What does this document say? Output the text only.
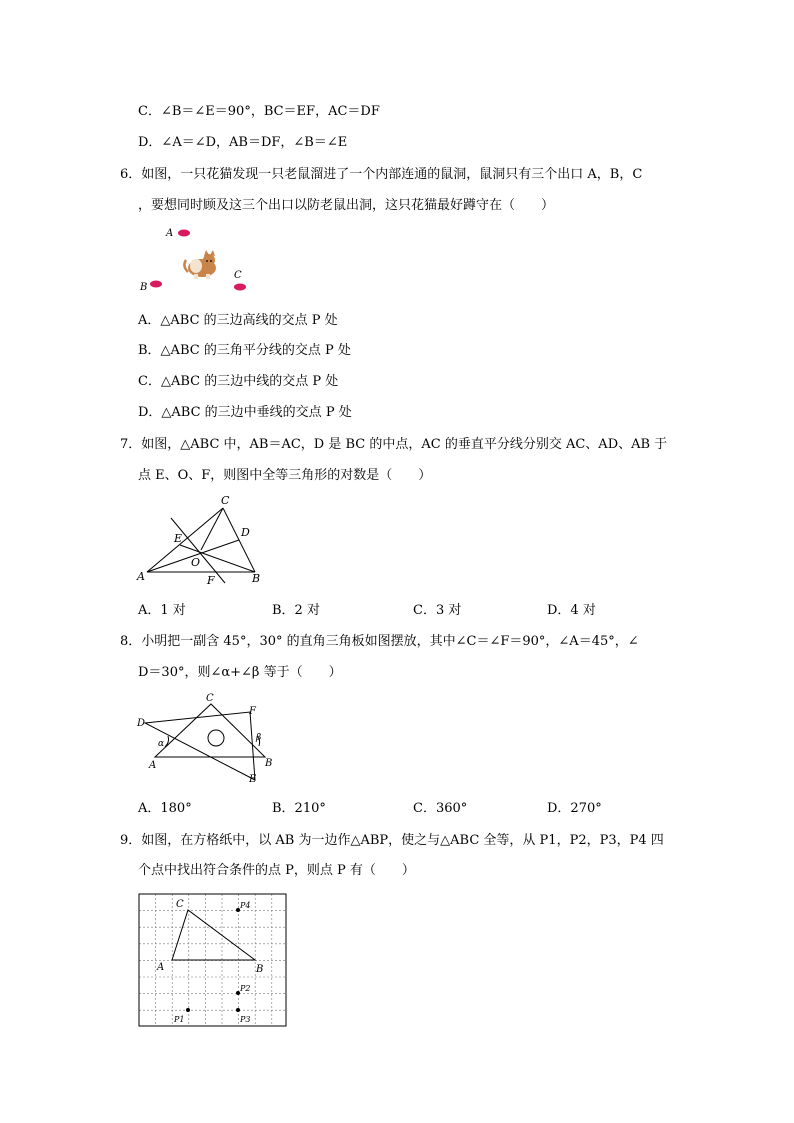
C．∠B＝∠E＝90°，BC＝EF，AC＝DF
D．∠A＝∠D，AB＝DF，∠B＝∠E
6．如图，一只花猫发现一只老鼠溜进了一个内部连通的鼠洞，鼠洞只有三个出口 A，B，C
，要想同时顾及这三个出口以防老鼠出洞，这只花猫最好蹲守在（　　）
A
B
C
A．△ABC 的三边高线的交点 P 处
B．△ABC 的三角平分线的交点 P 处
C．△ABC 的三边中线的交点 P 处
D．△ABC 的三边中垂线的交点 P 处
7．如图，△ABC 中，AB＝AC，D 是 BC 的中点，AC 的垂直平分线分别交 AC、AD、AB 于
点 E、O、F，则图中全等三角形的对数是（　　）
C
D
E
O
F
A	B
A．1 对	B．2 对	C．3 对	D．4 对
8．小明把一副含 45°，30° 的直角三角板如图摆放，其中∠C＝∠F＝90°，∠A＝45°，∠
D＝30°，则∠α+∠β 等于（　　）
C
D
F
A	B
E
α
β
A．180°	B．210°	C．360°	D．270°
9．如图，在方格纸中，以 AB 为一边作△ABP，使之与△ABC 全等，从 P1，P2，P3，P4 四
个点中找出符合条件的点 P，则点 P 有（　　）
C
A	B
P4
P2
P1	P3
